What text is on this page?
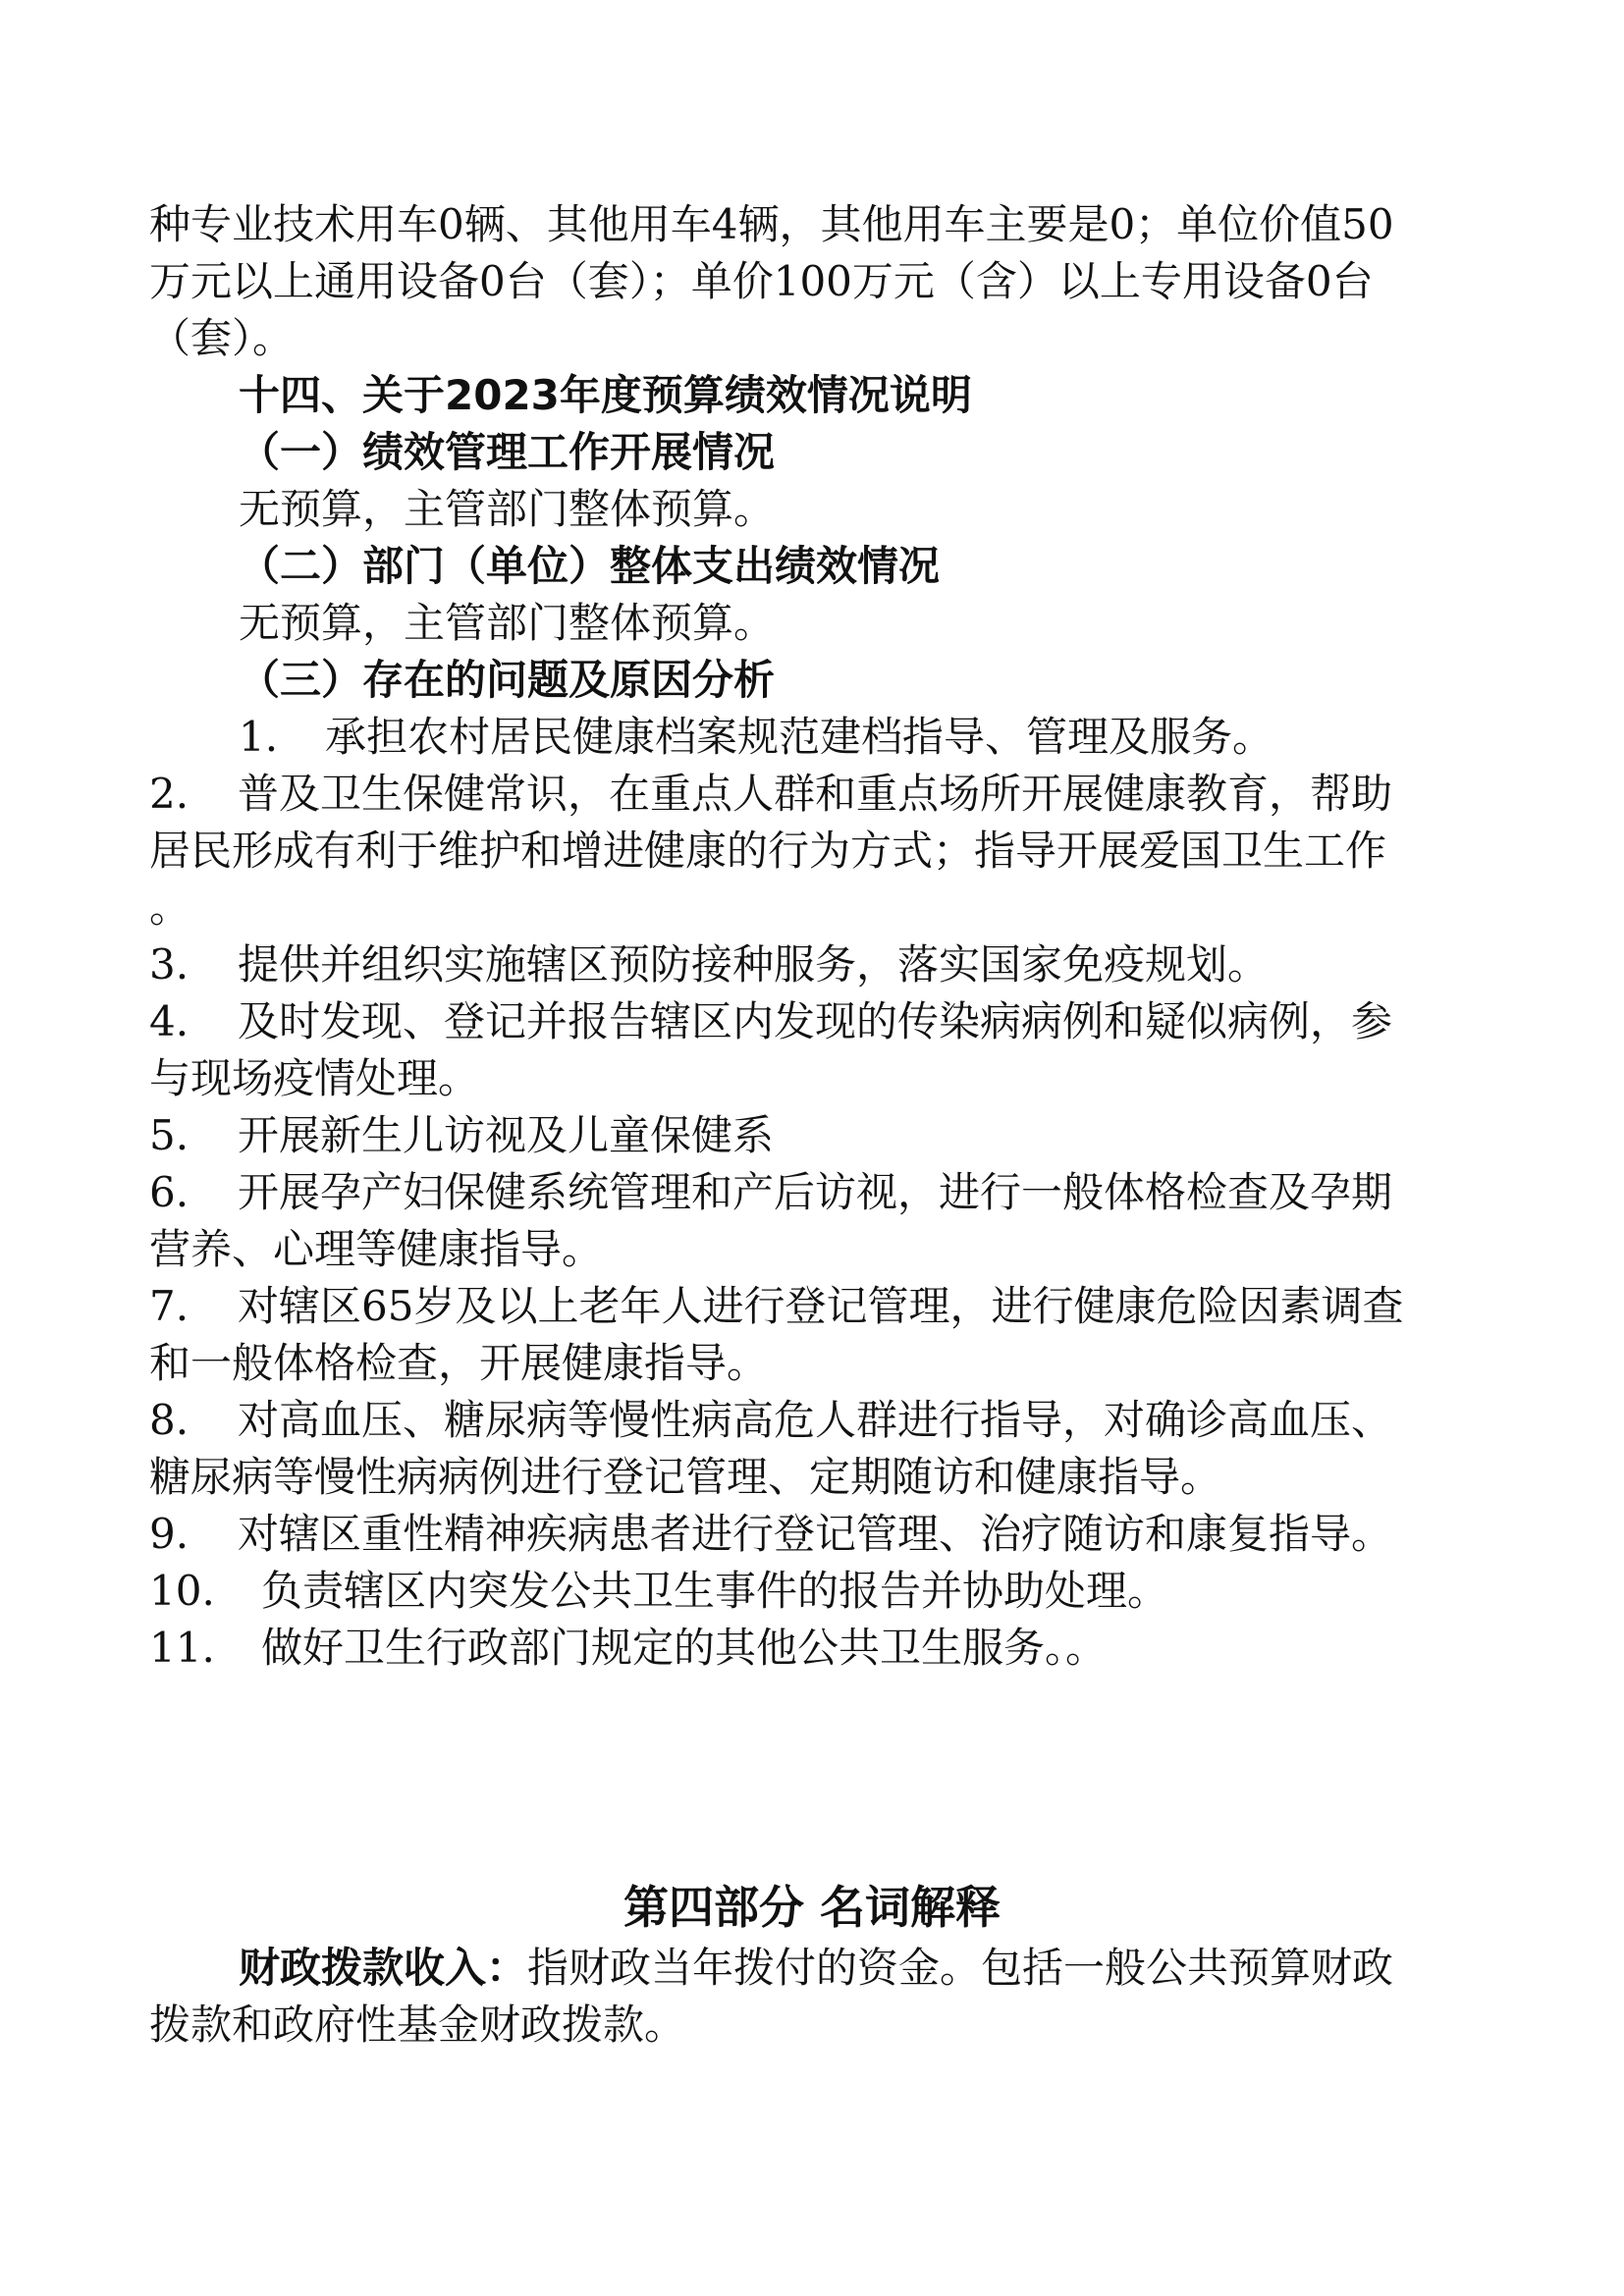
种专业技术用车0辆、其他用车4辆，其他用车主要是0；单位价值50
万元以上通用设备0台（套）；单价100万元（含）以上专用设备0台
（套）。
十四、关于2023年度预算绩效情况说明
（一）绩效管理工作开展情况
无预算，主管部门整体预算。
（二）部门（单位）整体支出绩效情况
无预算，主管部门整体预算。
（三）存在的问题及原因分析
1. 承担农村居民健康档案规范建档指导、管理及服务。
2. 普及卫生保健常识，在重点人群和重点场所开展健康教育，帮助
居民形成有利于维护和增进健康的行为方式；指导开展爱国卫生工作
。
3. 提供并组织实施辖区预防接种服务，落实国家免疫规划。
4. 及时发现、登记并报告辖区内发现的传染病病例和疑似病例，参
与现场疫情处理。
5. 开展新生儿访视及儿童保健系
6. 开展孕产妇保健系统管理和产后访视，进行一般体格检查及孕期
营养、心理等健康指导。
7. 对辖区65岁及以上老年人进行登记管理，进行健康危险因素调查
和一般体格检查，开展健康指导。
8. 对高血压、糖尿病等慢性病高危人群进行指导，对确诊高血压、
糖尿病等慢性病病例进行登记管理、定期随访和健康指导。
9. 对辖区重性精神疾病患者进行登记管理、治疗随访和康复指导。
10. 负责辖区内突发公共卫生事件的报告并协助处理。
11. 做好卫生行政部门规定的其他公共卫生服务。。
第四部分 名词解释
财政拨款收入：指财政当年拨付的资金。包括一般公共预算财政
拨款和政府性基金财政拨款。
